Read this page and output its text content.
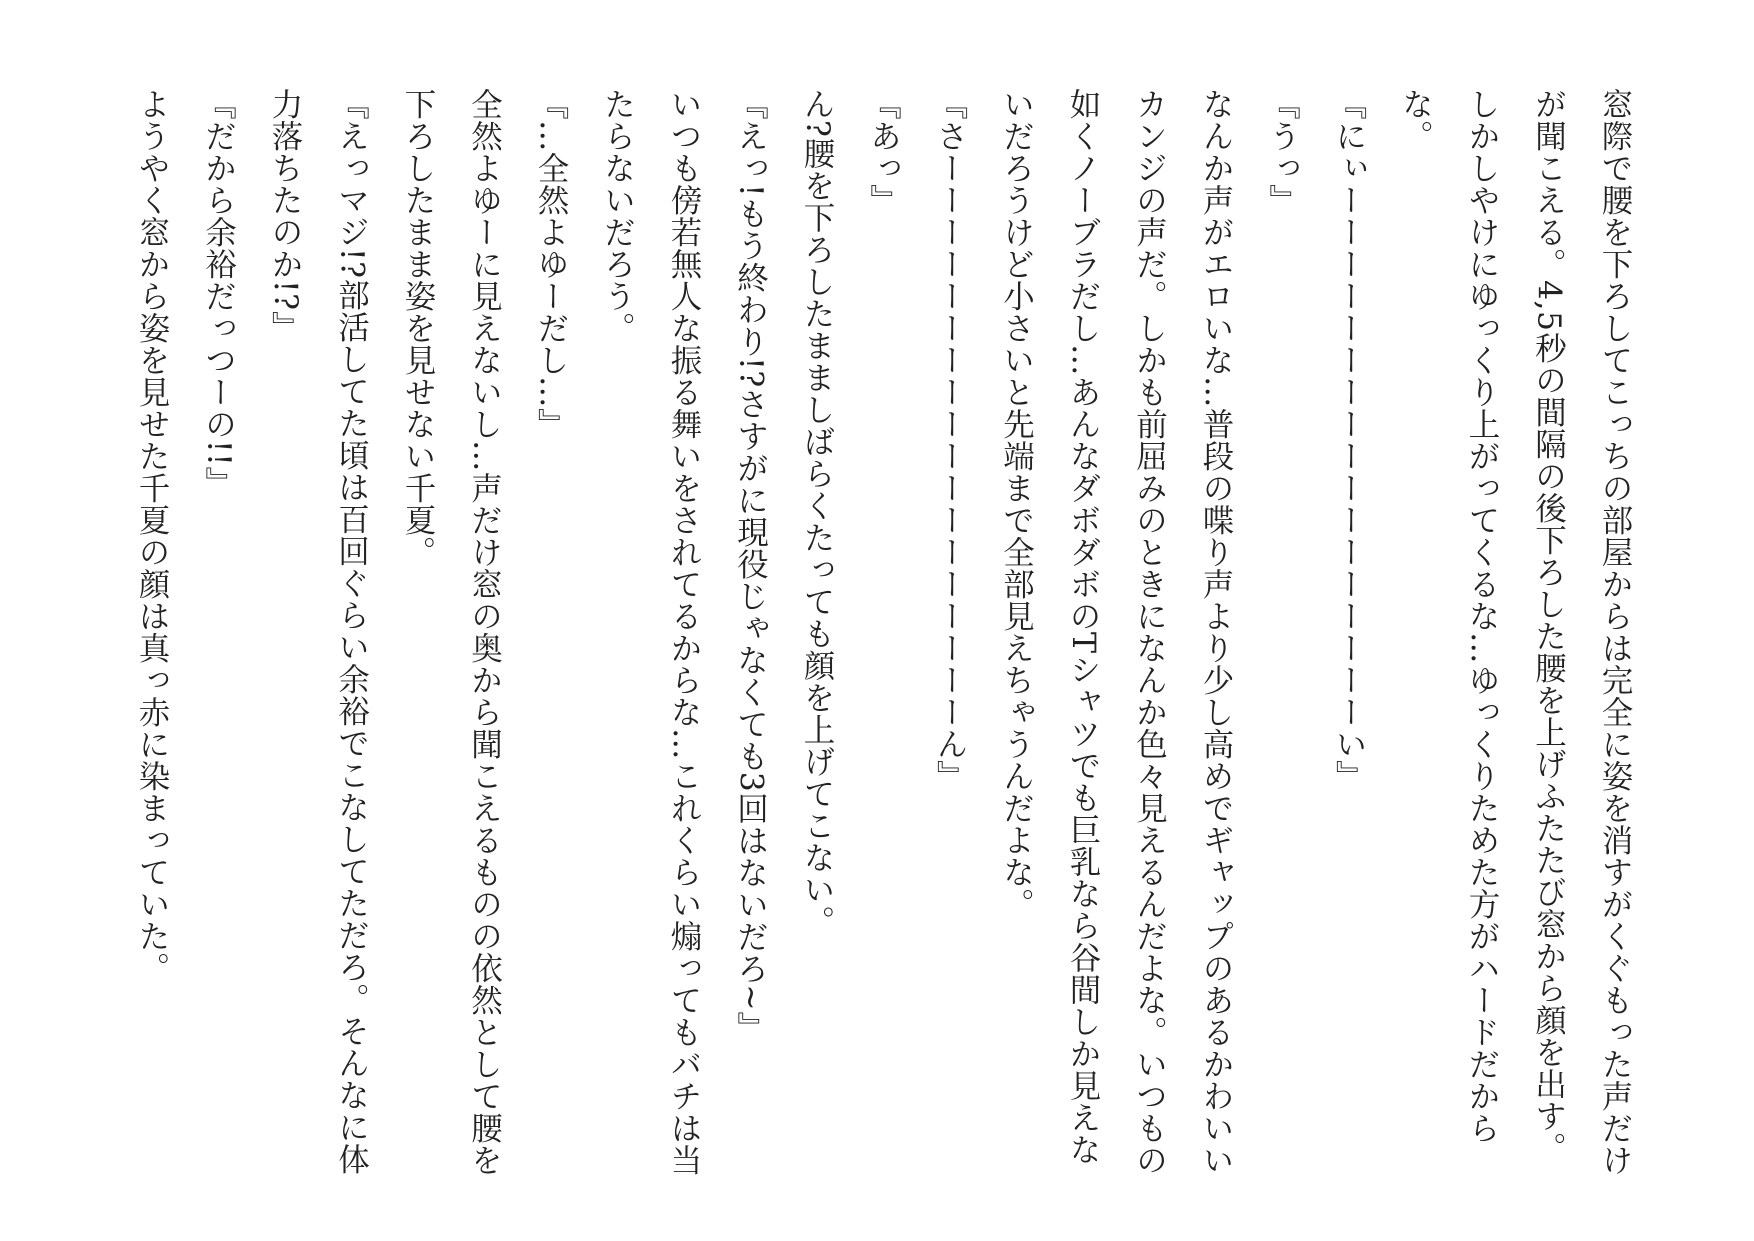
窓際で腰を下ろしてこっちの部屋からは完全に姿を消すがくぐもった声だけが聞こえる。4,5秒の間隔の後下ろした腰を上げふたたび窓から顔を出す。しかしやけにゆっくり上がってくるな…ゆっくりためた方がハードだからな。

『にぃーーーーーーーーーーーーーーーーーい』

『うっ』

なんか声がエロいな…普段の喋り声より少し高めでギャップのあるかわいいカンジの声だ。しかも前屈みのときになんか色々見えるんだよな。いつもの如くノーブラだし…あんなダボダボのTシャツでも巨乳なら谷間しか見えないだろうけど小さいと先端まで全部見えちゃうんだよな。

『さーーーーーーーーーーーーーーーーーーん』

『あっ』

ん?腰を下ろしたまましばらくたっても顔を上げてこない。

『えっ!もう終わり!?さすがに現役じゃなくても3回はないだろ~』

いつも傍若無人な振る舞いをされてるからな…これくらい煽ってもバチは当たらないだろう。

『…全然よゆーだし…』

全然よゆーに見えないし…声だけ窓の奥から聞こえるものの依然として腰を下ろしたまま姿を見せない千夏。

『えっマジ!?部活してた頃は百回ぐらい余裕でこなしてただろ。そんなに体力落ちたのか!?』

『だから余裕だっつーの!!』

ようやく窓から姿を見せた千夏の顔は真っ赤に染まっていた。
